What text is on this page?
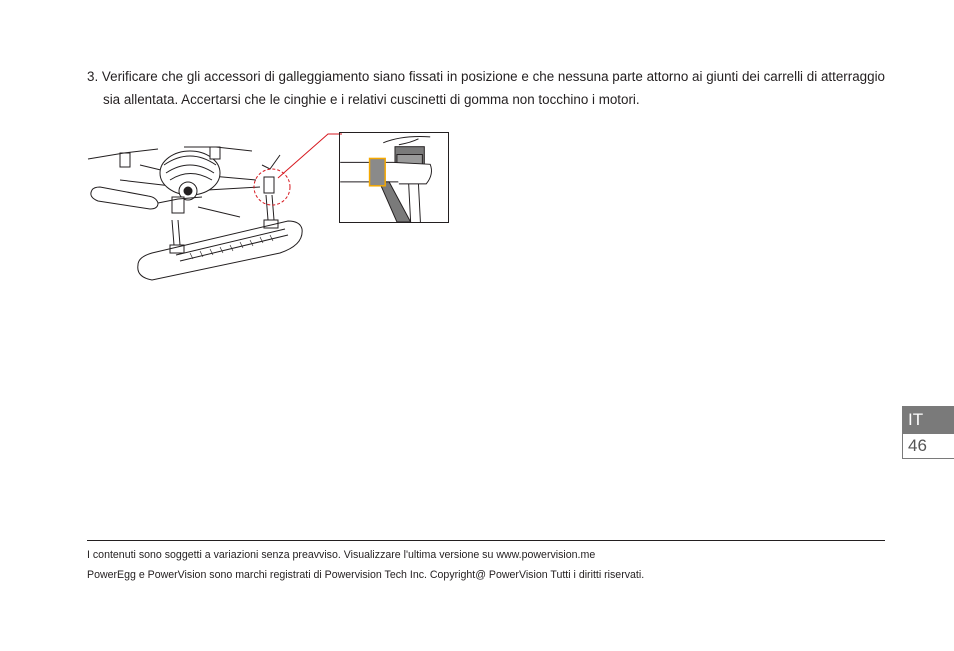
3. Verificare che gli accessori di galleggiamento siano fissati in posizione e che nessuna parte attorno ai giunti dei carrelli di atterraggio sia allentata. Accertarsi che le cinghie e i relativi cuscinetti di gomma non tocchino i motori.
IT
46
I contenuti sono soggetti a variazioni senza preavviso. Visualizzare l'ultima versione su www.powervision.me
PowerEgg e PowerVision sono marchi registrati di Powervision Tech Inc. Copyright@ PowerVision Tutti i diritti riservati.
